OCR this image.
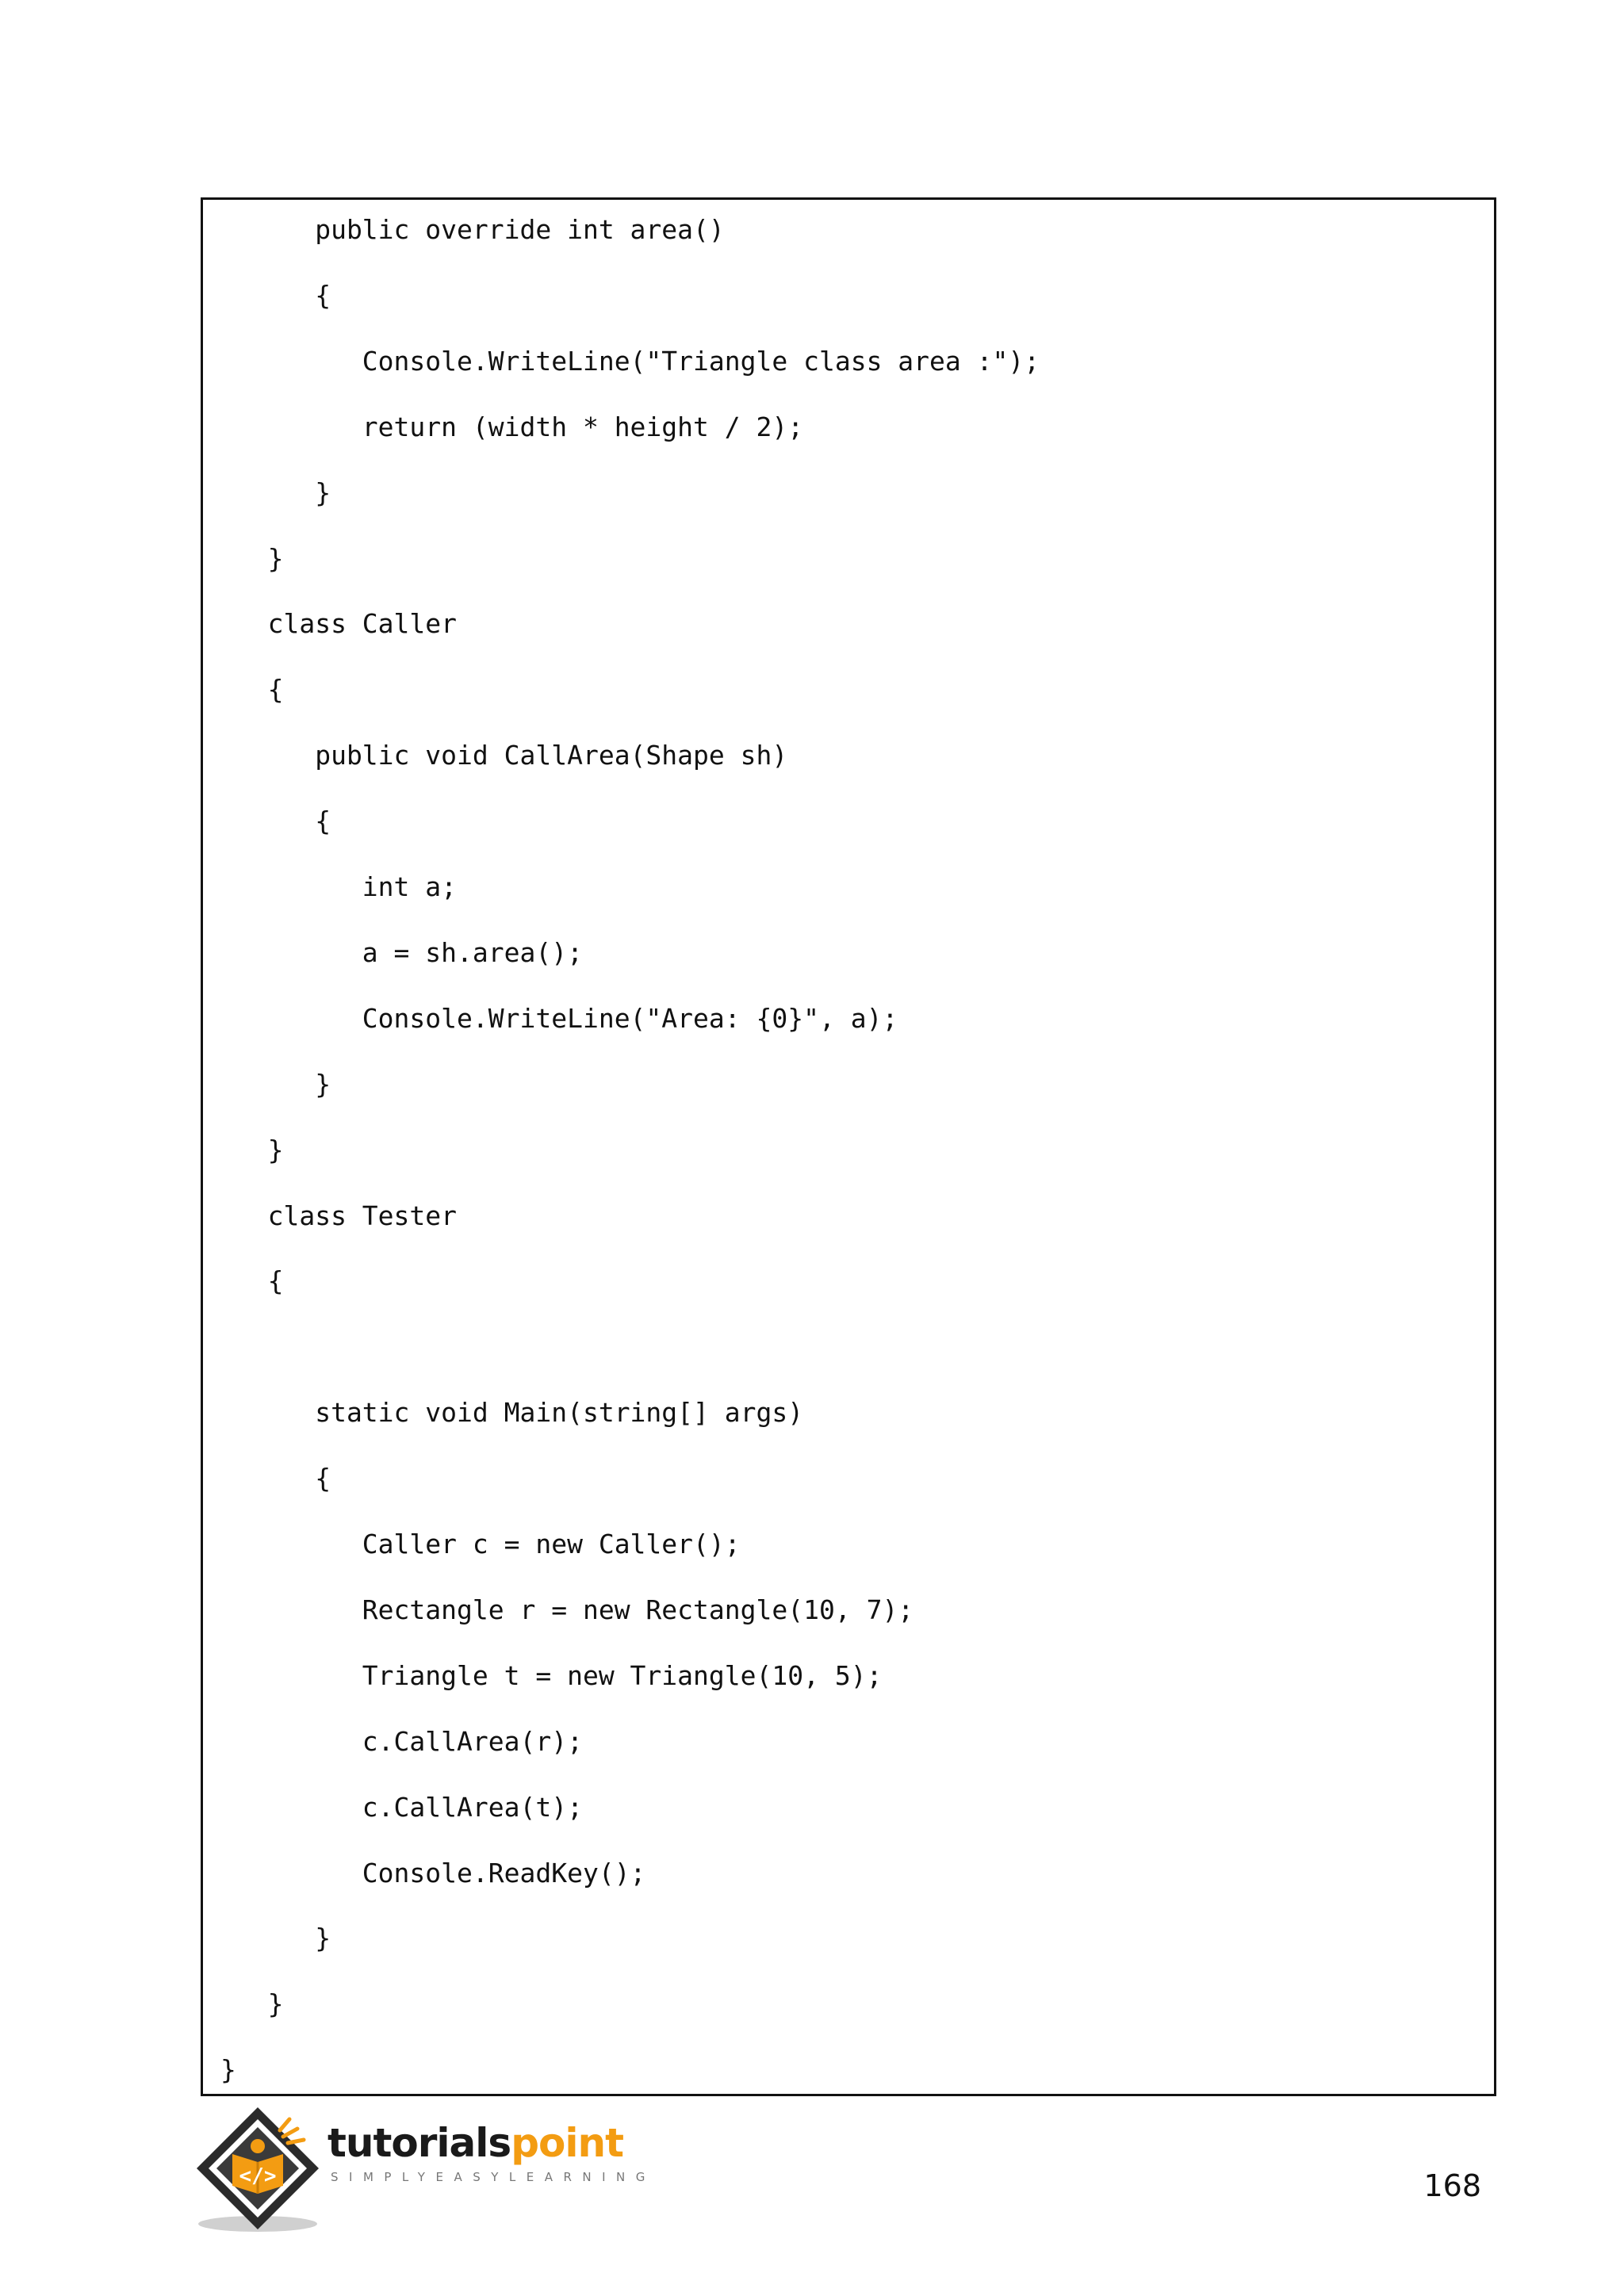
public override int area()
{
Console.WriteLine("Triangle class area :");
return (width * height / 2);
}
}
class Caller
{
public void CallArea(Shape sh)
{
int a;
a = sh.area();
Console.WriteLine("Area: {0}", a);
}
}
class Tester
{
static void Main(string[] args)
{
Caller c = new Caller();
Rectangle r = new Rectangle(10, 7);
Triangle t = new Triangle(10, 5);
c.CallArea(r);
c.CallArea(t);
Console.ReadKey();
}
}
}
</>
tutorialspoint
SIMPLYEASYLEARNING	168
